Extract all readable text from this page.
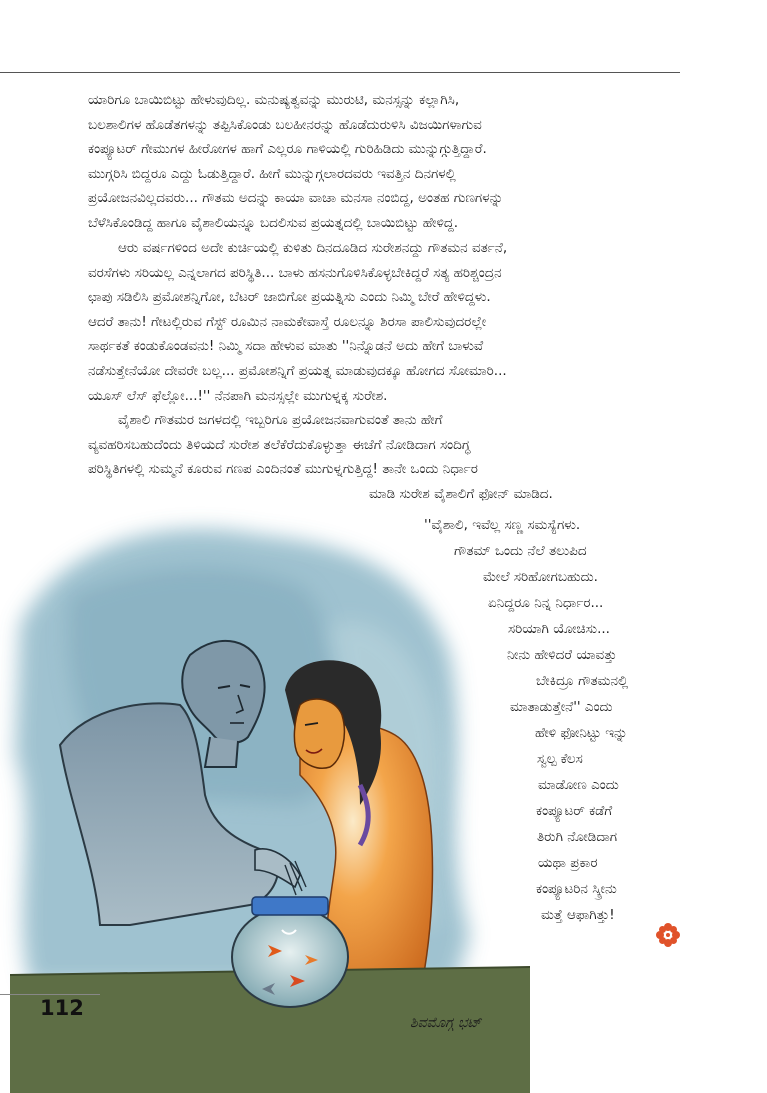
ಯಾರಿಗೂ ಬಾಯಿಬಿಟ್ಟು ಹೇಳುವುದಿಲ್ಲ. ಮನುಷ್ಯತ್ವವನ್ನು ಮುರುಟಿ, ಮನಸ್ಸನ್ನು ಕಲ್ಲಾಗಿಸಿ,
ಬಲಶಾಲಿಗಳ ಹೊಡೆತಗಳನ್ನು ತಪ್ಪಿಸಿಕೊಂಡು ಬಲಹೀನರನ್ನು ಹೊಡೆದುರುಳಿಸಿ ವಿಜಯಿಗಳಾಗುವ
ಕಂಪ್ಯೂಟರ್ ಗೇಮುಗಳ ಹೀರೋಗಳ ಹಾಗೆ ಎಲ್ಲರೂ ಗಾಳಿಯಲ್ಲಿ ಗುರಿಹಿಡಿದು ಮುನ್ನುಗ್ಗುತ್ತಿದ್ದಾರೆ.
ಮುಗ್ಗರಿಸಿ ಬಿದ್ದರೂ ಎದ್ದು ಓಡುತ್ತಿದ್ದಾರೆ. ಹೀಗೆ ಮುನ್ನುಗ್ಗಲಾರದವರು ಇವತ್ತಿನ ದಿನಗಳಲ್ಲಿ
ಪ್ರಯೋಜನವಿಲ್ಲದವರು... ಗೌತಮ ಅದನ್ನು ಕಾಯಾ ವಾಚಾ ಮನಸಾ ನಂಬಿದ್ದ, ಅಂತಹ ಗುಣಗಳನ್ನು
ಬೆಳೆಸಿಕೊಂಡಿದ್ದ ಹಾಗೂ ವೈಶಾಲಿಯನ್ನೂ ಬದಲಿಸುವ ಪ್ರಯತ್ನದಲ್ಲಿ ಬಾಯಿಬಿಟ್ಟು ಹೇಳಿದ್ದ.
ಆರು ವರ್ಷಗಳಿಂದ ಅದೇ ಕುರ್ಚಿಯಲ್ಲಿ ಕುಳಿತು ದಿನದೂಡಿದ ಸುರೇಶನದ್ದು ಗೌತಮನ ವರ್ತನೆ,
ವರಸೆಗಳು ಸರಿಯಲ್ಲ ಎನ್ನಲಾಗದ ಪರಿಸ್ಥಿತಿ... ಬಾಳು ಹಸನುಗೊಳಿಸಿಕೊಳ್ಳಬೇಕಿದ್ದರೆ ಸತ್ಯ ಹರಿಶ್ಚಂದ್ರನ
ಛಾಪು ಸಡಿಲಿಸಿ ಪ್ರಮೋಶನ್ನಿಗೋ, ಬೆಟರ್ ಜಾಬಿಗೋ ಪ್ರಯತ್ನಿಸು ಎಂದು ನಿಮ್ಮಿ ಬೇರೆ ಹೇಳಿದ್ದಳು.
ಆದರೆ ತಾನು! ಗೇಟಲ್ಲಿರುವ ಗೆಸ್ಟ್ ರೂಮಿನ ನಾಮಕೇವಾಸ್ತೆ ರೂಲನ್ನೂ ಶಿರಸಾ ಪಾಲಿಸುವುದರಲ್ಲೇ
ಸಾರ್ಥಕತೆ ಕಂಡುಕೊಂಡವನು! ನಿಮ್ಮಿ ಸದಾ ಹೇಳುವ ಮಾತು ''ನಿನ್ನೊಡನೆ ಅದು ಹೇಗೆ ಬಾಳುವೆ
ನಡೆಸುತ್ತೇನೆಯೋ ದೇವರೇ ಬಲ್ಲ... ಪ್ರಮೋಶನ್ನಿಗೆ ಪ್ರಯತ್ನ ಮಾಡುವುದಕ್ಕೂ ಹೋಗದ ಸೋಮಾರಿ...
ಯೂಸ್ ಲೆಸ್ ಫೆಲ್ಲೋ...!'' ನೆನಪಾಗಿ ಮನಸ್ಸಲ್ಲೇ ಮುಗುಳ್ನಕ್ಕ ಸುರೇಶ.
ವೈಶಾಲಿ ಗೌತಮರ ಜಗಳದಲ್ಲಿ ಇಬ್ಬರಿಗೂ ಪ್ರಯೋಜನವಾಗುವಂತೆ ತಾನು ಹೇಗೆ
ವ್ಯವಹರಿಸಬಹುದೆಂದು ತಿಳಿಯದೆ ಸುರೇಶ ತಲೆಕೆರೆದುಕೊಳ್ಳುತ್ತಾ ಈಚೆಗೆ ನೋಡಿದಾಗ ಸಂದಿಗ್ಧ
ಪರಿಸ್ಥಿತಿಗಳಲ್ಲಿ ಸುಮ್ಮನೆ ಕೂರುವ ಗಣಪ ಎಂದಿನಂತೆ ಮುಗುಳ್ನಗುತ್ತಿದ್ದ! ತಾನೇ ಒಂದು ನಿರ್ಧಾರ
ಮಾಡಿ ಸುರೇಶ ವೈಶಾಲಿಗೆ ಫೋನ್ ಮಾಡಿದ.
ಶಿವಮೊಗ್ಗ ಭಟ್
''ವೈಶಾಲಿ, ಇವೆಲ್ಲ ಸಣ್ಣ ಸಮಸ್ಯೆಗಳು.
ಗೌತಮ್ ಒಂದು ನೆಲೆ ತಲುಪಿದ
ಮೇಲೆ ಸರಿಹೋಗಬಹುದು.
ಏನಿದ್ದರೂ ನಿನ್ನ ನಿರ್ಧಾರ...
ಸರಿಯಾಗಿ ಯೋಚಿಸು...
ನೀನು ಹೇಳಿದರೆ ಯಾವತ್ತು
ಬೇಕಿದ್ರೂ ಗೌತಮನಲ್ಲಿ
ಮಾತಾಡುತ್ತೇನೆ'' ಎಂದು
ಹೇಳಿ ಫೋನಿಟ್ಟು ಇನ್ನು
ಸ್ವಲ್ಪ ಕೆಲಸ
ಮಾಡೋಣ ಎಂದು
ಕಂಪ್ಯೂಟರ್ ಕಡೆಗೆ
ತಿರುಗಿ ನೋಡಿದಾಗ
ಯಥಾ ಪ್ರಕಾರ
ಕಂಪ್ಯೂಟರಿನ ಸ್ಕ್ರೀನು
ಮತ್ತೆ ಆಫಾಗಿತ್ತು!
112
